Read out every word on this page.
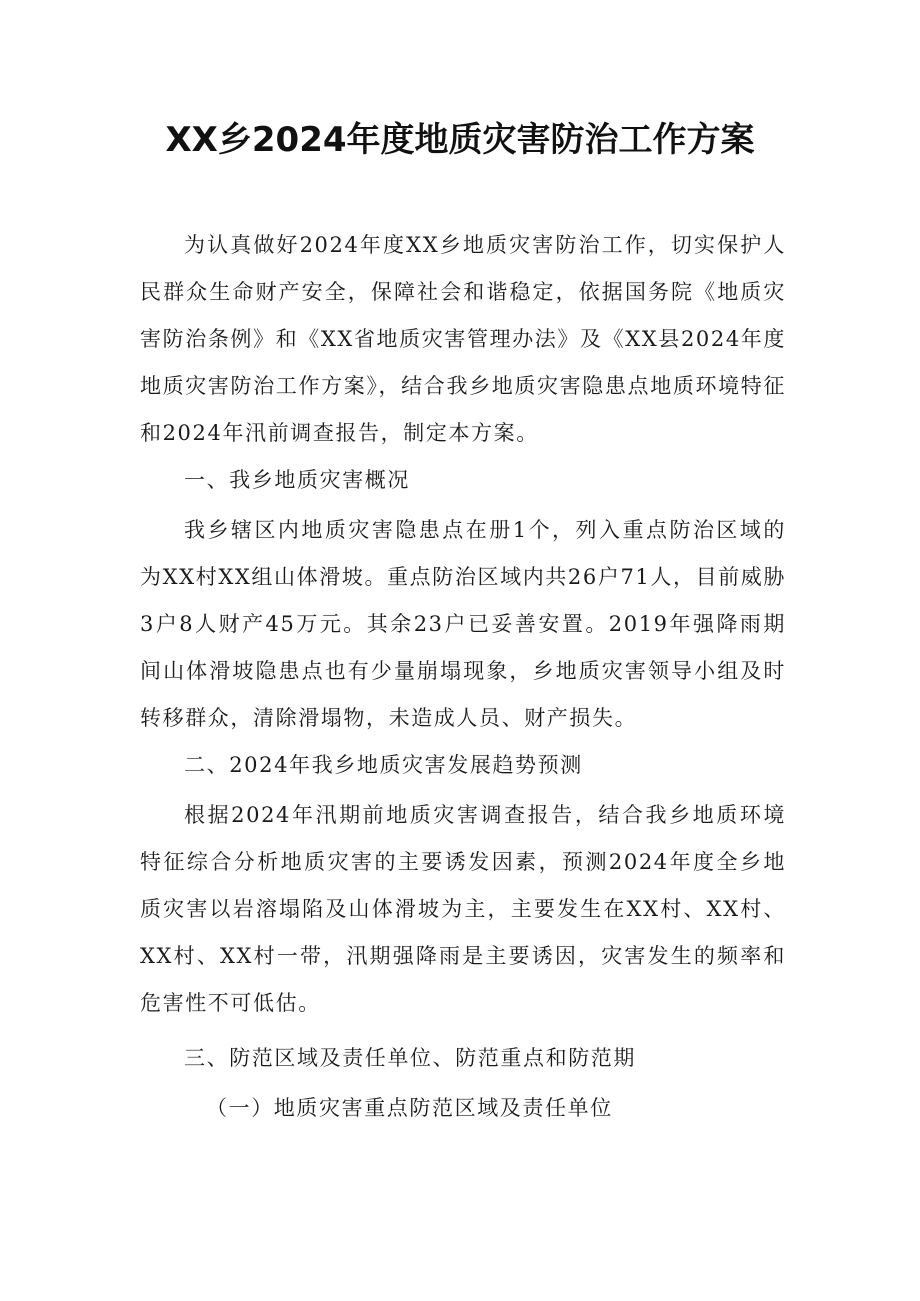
XX乡2024年度地质灾害防治工作方案

为认真做好2024年度XX乡地质灾害防治工作，切实保护人民群众生命财产安全，保障社会和谐稳定，依据国务院《地质灾害防治条例》和《XX省地质灾害管理办法》及《XX县2024年度地质灾害防治工作方案》，结合我乡地质灾害隐患点地质环境特征和2024年汛前调查报告，制定本方案。

一、我乡地质灾害概况

我乡辖区内地质灾害隐患点在册1个，列入重点防治区域的为XX村XX组山体滑坡。重点防治区域内共26户71人，目前威胁3户8人财产45万元。其余23户已妥善安置。2019年强降雨期间山体滑坡隐患点也有少量崩塌现象，乡地质灾害领导小组及时转移群众，清除滑塌物，未造成人员、财产损失。

二、2024年我乡地质灾害发展趋势预测

根据2024年汛期前地质灾害调查报告，结合我乡地质环境特征综合分析地质灾害的主要诱发因素，预测2024年度全乡地质灾害以岩溶塌陷及山体滑坡为主，主要发生在XX村、XX村、XX村、XX村一带，汛期强降雨是主要诱因，灾害发生的频率和危害性不可低估。

三、防范区域及责任单位、防范重点和防范期

（一）地质灾害重点防范区域及责任单位
